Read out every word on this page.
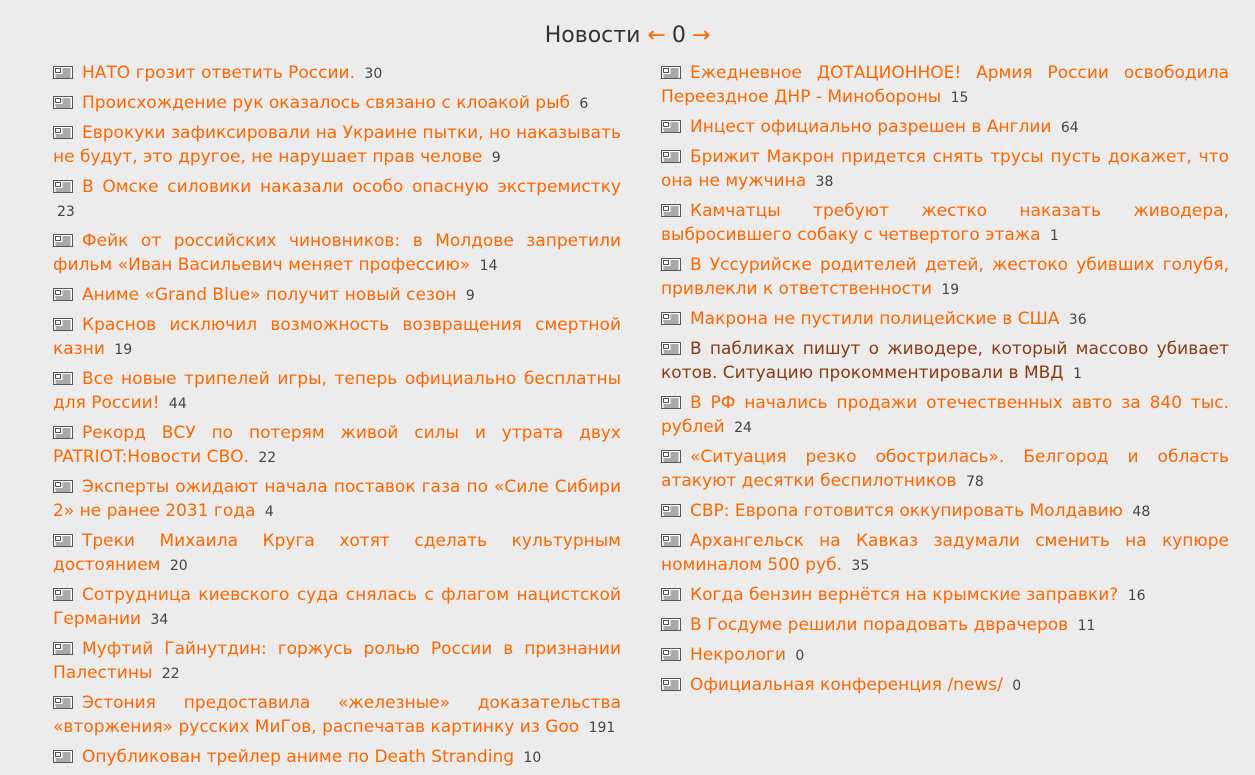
Новости ← 0 →
НАТО грозит ответить России. 30
Происхождение рук оказалось связано с клоакой рыб 6
Еврокуки зафиксировали на Украине пытки, но наказывать не будут, это другое, не нарушает прав челове 9
В Омске силовики наказали особо опасную экстремистку 23
Фейк от российских чиновников: в Молдове запретили фильм «Иван Васильевич меняет профессию» 14
Аниме «Grand Blue» получит новый сезон 9
Краснов исключил возможность возвращения смертной казни 19
Все новые трипелей игры, теперь официально бесплатны для России! 44
Рекорд ВСУ по потерям живой силы и утрата двух PATRIOT:Новости СВО. 22
Эксперты ожидают начала поставок газа по «Силе Сибири 2» не ранее 2031 года 4
Треки Михаила Круга хотят сделать культурным достоянием 20
Сотрудница киевского суда снялась с флагом нацистской Германии 34
Муфтий Гайнутдин: горжусь ролью России в признании Палестины 22
Эстония предоставила «железные» доказательства «вторжения» русских МиГов, распечатав картинку из Goo 191
Опубликован трейлер аниме по Death Stranding 10
Ежедневное ДОТАЦИОННОЕ! Армия России освободила Переездное ДНР - Минобороны 15
Инцест официально разрешен в Англии 64
Брижит Макрон придется снять трусы пусть докажет, что она не мужчина 38
Камчатцы требуют жестко наказать живодера, выбросившего собаку с четвертого этажа 1
В Уссурийске родителей детей, жестоко убивших голубя, привлекли к ответственности 19
Макрона не пустили полицейские в США 36
В пабликах пишут о живодере, который массово убивает котов. Ситуацию прокомментировали в МВД 1
В РФ начались продажи отечественных авто за 840 тыс. рублей 24
«Ситуация резко обострилась». Белгород и область атакуют десятки беспилотников 78
СВР: Европа готовится оккупировать Молдавию 48
Архангельск на Кавказ задумали сменить на купюре номиналом 500 руб. 35
Когда бензин вернётся на крымские заправки? 16
В Госдуме решили порадовать дврачеров 11
Некрологи 0
Официальная конференция /news/ 0
